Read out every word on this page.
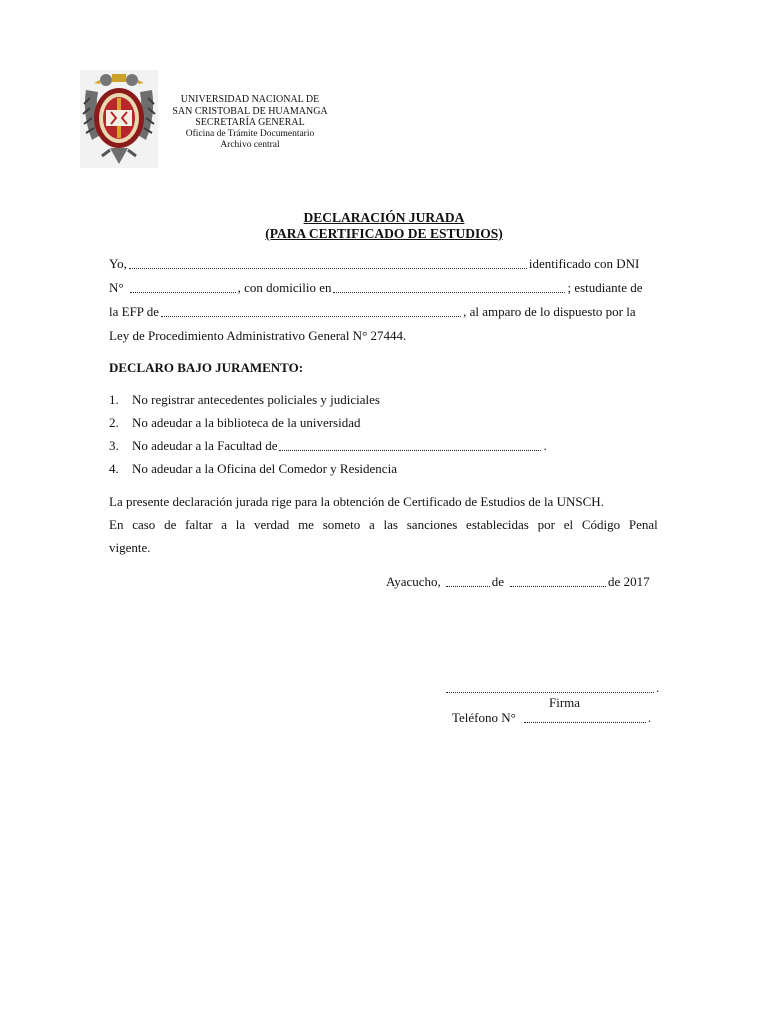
UNIVERSIDAD NACIONAL DE
SAN CRISTOBAL DE HUAMANGA
SECRETARÍA GENERAL
Oficina de Trámite Documentario
Archivo central
DECLARACIÓN JURADA
(PARA CERTIFICADO DE ESTUDIOS)
Yo,	identificado con DNI
N°	, con domicilio en	; estudiante de
la EFP de	, al amparo de lo dispuesto por la
Ley de Procedimiento Administrativo General N° 27444.
DECLARO BAJO JURAMENTO:
1.	No registrar antecedentes policiales y judiciales
2.	No adeudar a la biblioteca de la universidad
3.	No adeudar a la Facultad de	.
4.	No adeudar a la Oficina del Comedor y Residencia
La presente declaración jurada rige para la obtención de Certificado de Estudios de la UNSCH.
En caso de faltar a la verdad me someto a las sanciones establecidas por el Código Penal
vigente.
Ayacucho,	de	de 2017
.
Firma
Teléfono N°	.
